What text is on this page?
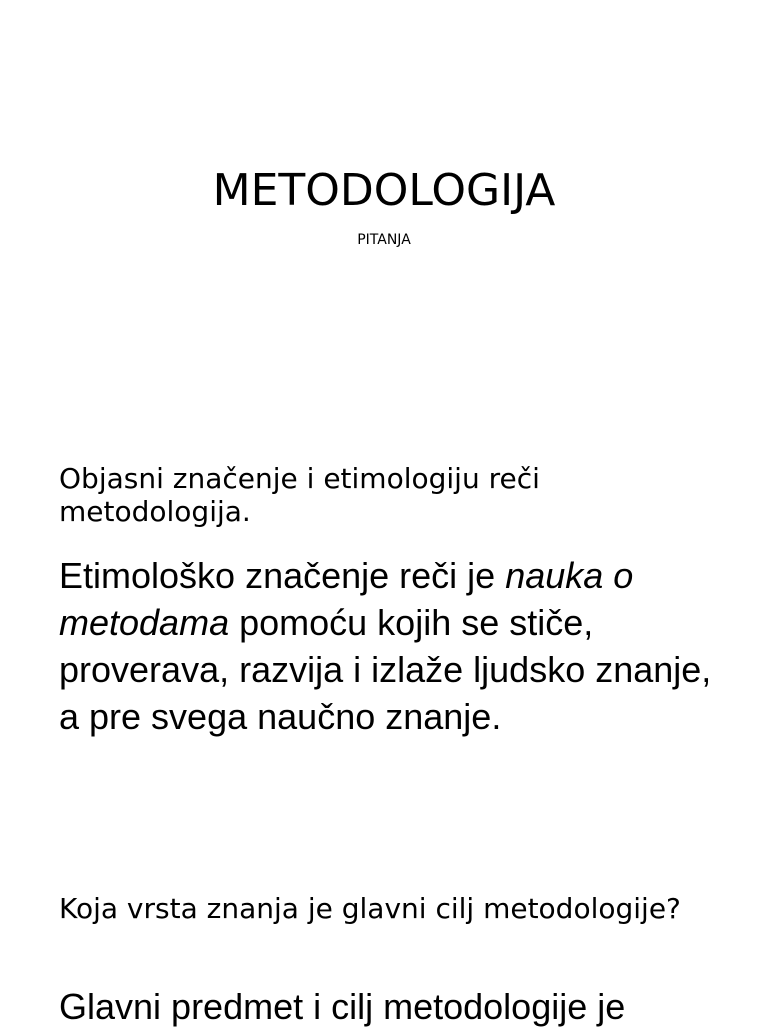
METODOLOGIJA
PITANJA
Objasni značenje i etimologiju reči metodologija.

Etimološko značenje reči je nauka o metodama pomoću kojih se stiče, proverava, razvija i izlaže ljudsko znanje, a pre svega naučno znanje.

Koja vrsta znanja je glavni cilj metodologije?

Glavni predmet i cilj metodologije je
